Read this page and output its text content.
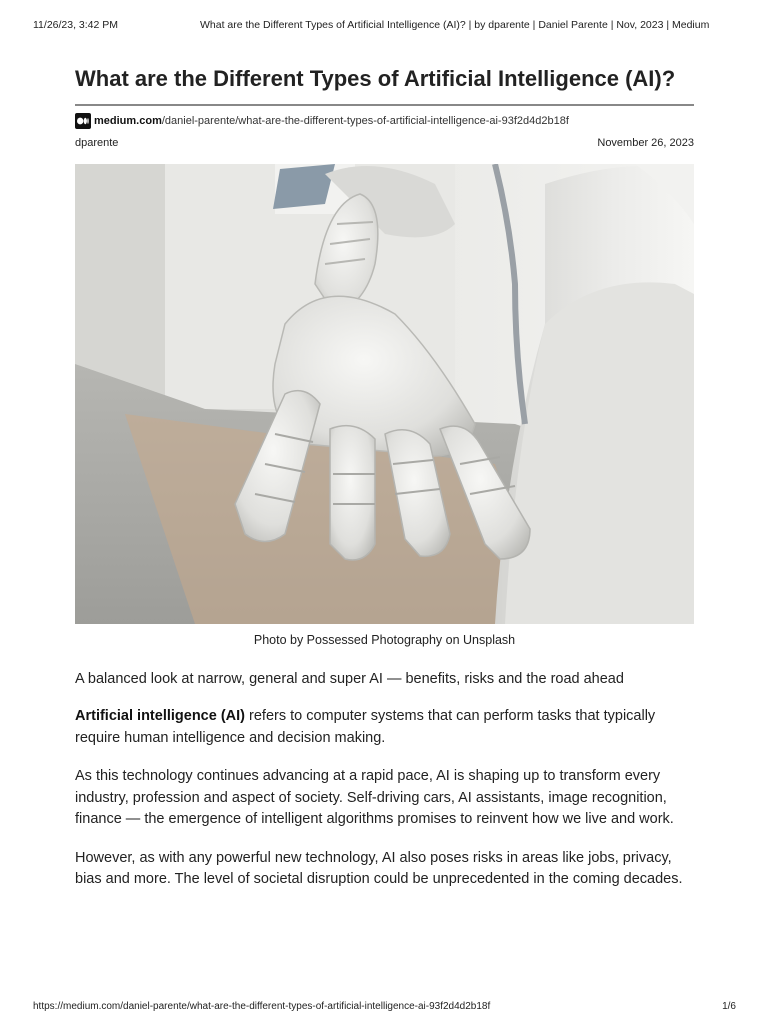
11/26/23, 3:42 PM	What are the Different Types of Artificial Intelligence (AI)? | by dparente | Daniel Parente | Nov, 2023 | Medium
What are the Different Types of Artificial Intelligence (AI)?
medium.com /daniel-parente/what-are-the-different-types-of-artificial-intelligence-ai-93f2d4d2b18f
dparente	November 26, 2023
Photo by Possessed Photography on Unsplash
A balanced look at narrow, general and super AI — benefits, risks and the road ahead

Artificial intelligence (AI) refers to computer systems that can perform tasks that typically require human intelligence and decision making.

As this technology continues advancing at a rapid pace, AI is shaping up to transform every industry, profession and aspect of society. Self-driving cars, AI assistants, image recognition, finance — the emergence of intelligent algorithms promises to reinvent how we live and work.

However, as with any powerful new technology, AI also poses risks in areas like jobs, privacy, bias and more. The level of societal disruption could be unprecedented in the coming decades.

https://medium.com/daniel-parente/what-are-the-different-types-of-artificial-intelligence-ai-93f2d4d2b18f	1/6
